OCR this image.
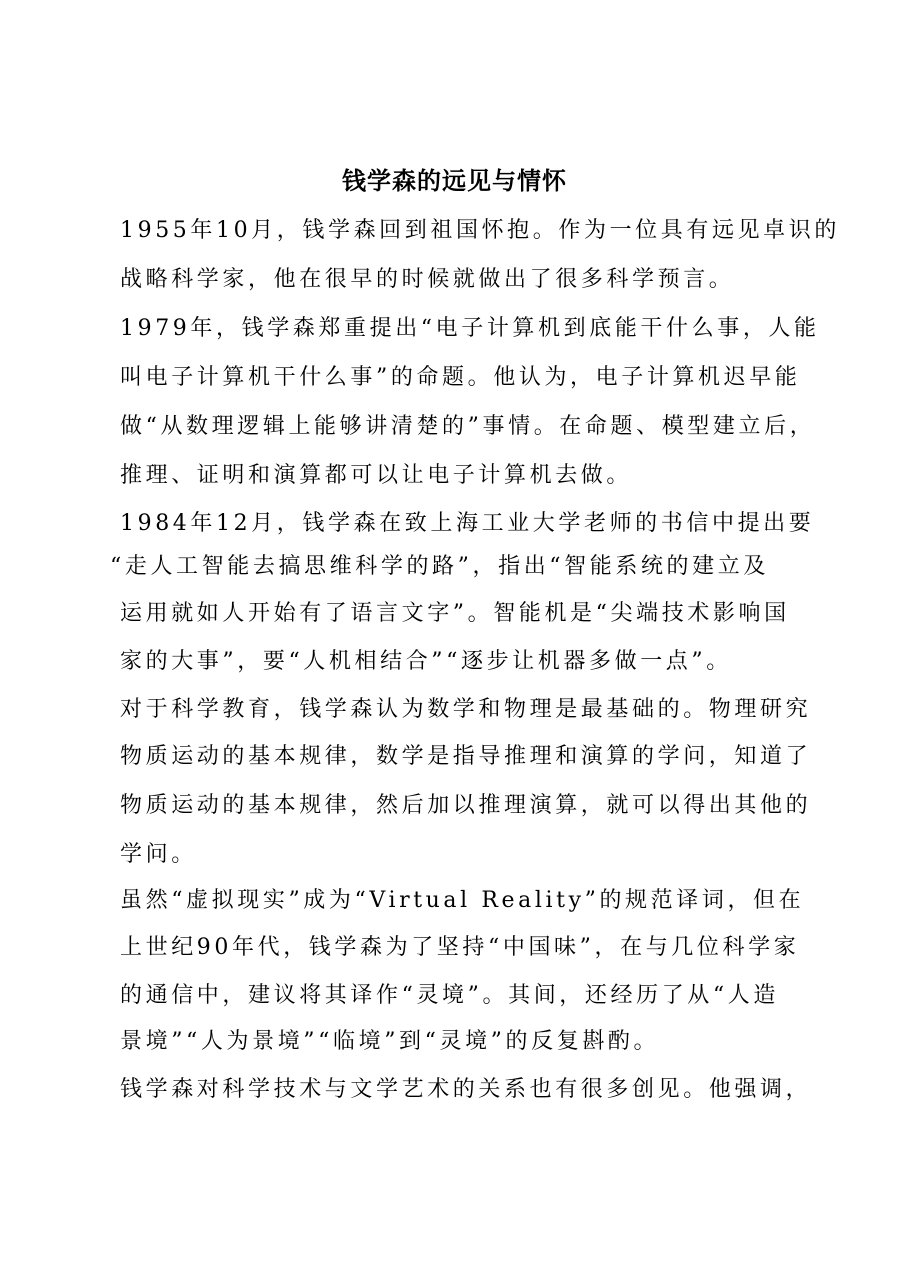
钱学森的远见与情怀
1955年10月，钱学森回到祖国怀抱。作为一位具有远见卓识的
战略科学家，他在很早的时候就做出了很多科学预言。
1979年，钱学森郑重提出“电子计算机到底能干什么事，人能
叫电子计算机干什么事”的命题。他认为，电子计算机迟早能
做“从数理逻辑上能够讲清楚的”事情。在命题、模型建立后，
推理、证明和演算都可以让电子计算机去做。
1984年12月，钱学森在致上海工业大学老师的书信中提出要
“走人工智能去搞思维科学的路”，指出“智能系统的建立及
运用就如人开始有了语言文字”。智能机是“尖端技术影响国
家的大事”，要“人机相结合”“逐步让机器多做一点”。
对于科学教育，钱学森认为数学和物理是最基础的。物理研究
物质运动的基本规律，数学是指导推理和演算的学问，知道了
物质运动的基本规律，然后加以推理演算，就可以得出其他的
学问。
虽然“虚拟现实”成为“Virtual Reality”的规范译词，但在
上世纪90年代，钱学森为了坚持“中国味”，在与几位科学家
的通信中，建议将其译作“灵境”。其间，还经历了从“人造
景境”“人为景境”“临境”到“灵境”的反复斟酌。
钱学森对科学技术与文学艺术的关系也有很多创见。他强调，
